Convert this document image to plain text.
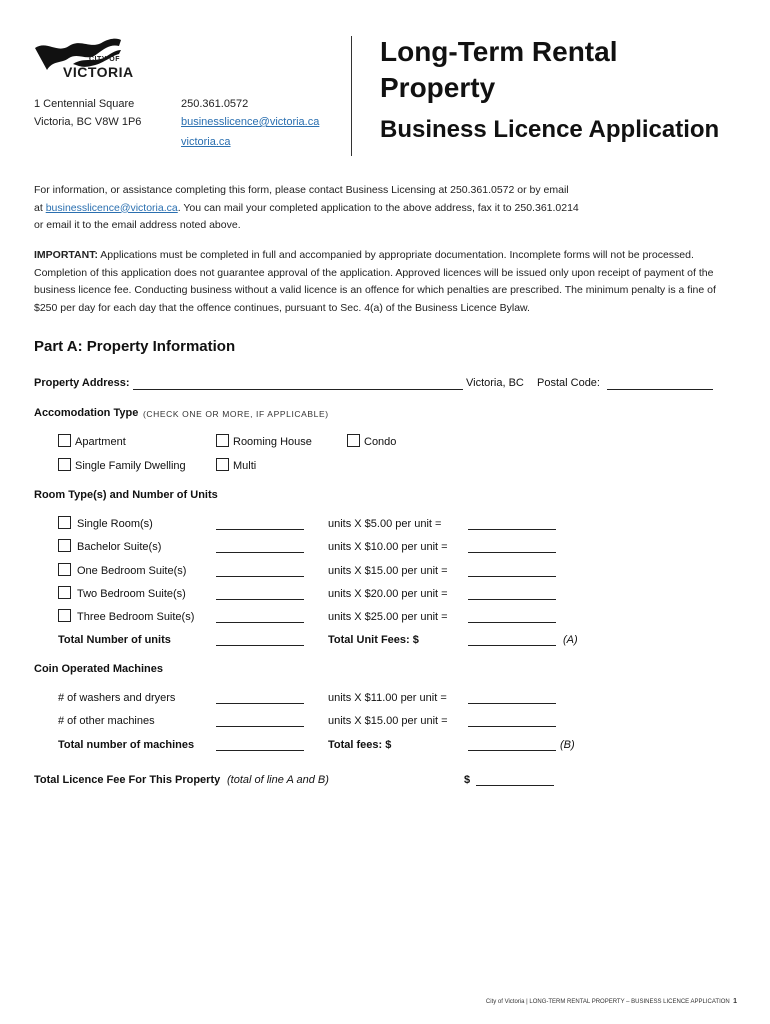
CITY OF
VICTORIA
1 Centennial Square
Victoria, BC V8W 1P6
250.361.0572
businesslicence@victoria.ca
victoria.ca
Long-Term Rental
Property
Business Licence Application
For information, or assistance completing this form, please contact Business Licensing at 250.361.0572 or by email
at businesslicence@victoria.ca. You can mail your completed application to the above address, fax it to 250.361.0214
or email it to the email address noted above.
IMPORTANT: Applications must be completed in full and accompanied by appropriate documentation. Incomplete forms will not be processed. Completion of this application does not guarantee approval of the application. Approved licences will be issued only upon receipt of payment of the business licence fee. Conducting business without a valid licence is an offence for which penalties are prescribed. The minimum penalty is a fine of $250 per day for each day that the offence continues, pursuant to Sec. 4(a) of the Business Licence Bylaw.
Part A: Property Information
Property Address:	Victoria, BC Postal Code:
Accomodation Type (CHECK ONE OR MORE, IF APPLICABLE)
Apartment	Rooming House	Condo
Single Family Dwelling	Multi
Room Type(s) and Number of Units
Single Room(s)	units X $5.00 per unit =
Bachelor Suite(s)	units X $10.00 per unit =
One Bedroom Suite(s)	units X $15.00 per unit =
Two Bedroom Suite(s)	units X $20.00 per unit =
Three Bedroom Suite(s)	units X $25.00 per unit =
Total Number of units	Total Unit Fees: $	(A)
Coin Operated Machines
# of washers and dryers	units X $11.00 per unit =
# of other machines	units X $15.00 per unit =
Total number of machines	Total fees: $	(B)
Total Licence Fee For This Property (total of line A and B)	$
City of Victoria | LONG-TERM RENTAL PROPERTY – BUSINESS LICENCE APPLICATION 1
